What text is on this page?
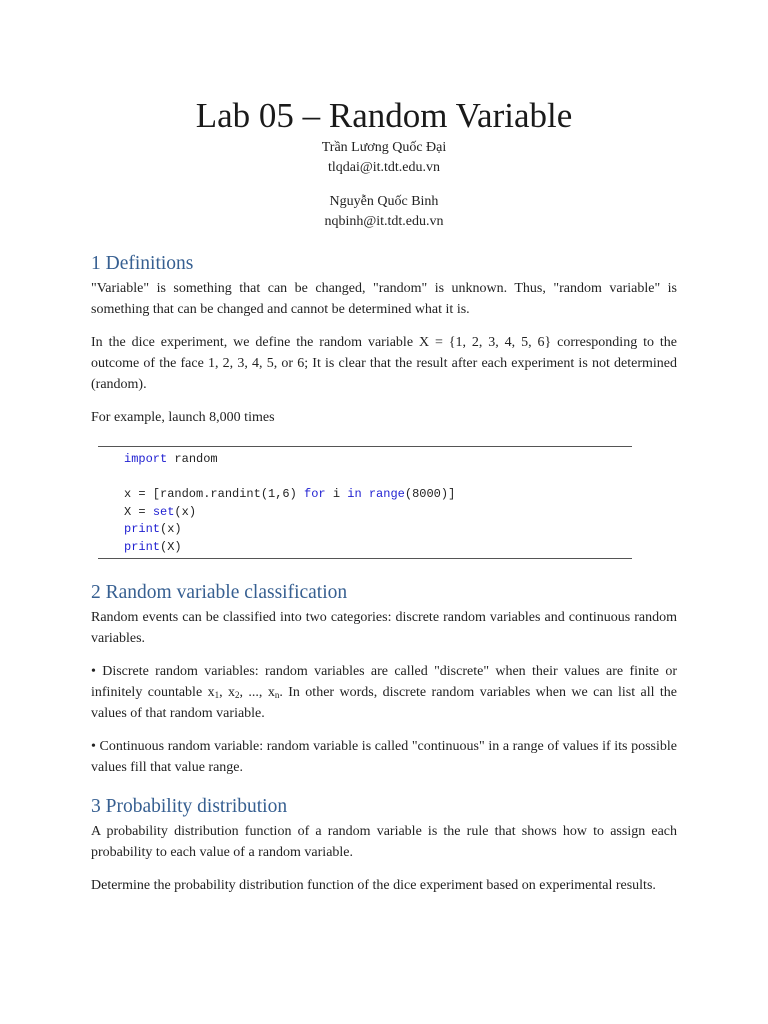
Lab 05 – Random Variable
Trần Lương Quốc Đại
tlqdai@it.tdt.edu.vn
Nguyễn Quốc Binh
nqbinh@it.tdt.edu.vn
1 Definitions

"Variable" is something that can be changed, "random" is unknown. Thus, "random variable" is something that can be changed and cannot be determined what it is.

In the dice experiment, we define the random variable X = {1, 2, 3, 4, 5, 6} corresponding to the outcome of the face 1, 2, 3, 4, 5, or 6; It is clear that the result after each experiment is not determined (random).

For example, launch 8,000 times

import random

x = [random.randint(1,6) for i in range(8000)]
X = set(x)
print(x)
print(X)
2 Random variable classification

Random events can be classified into two categories: discrete random variables and continuous random variables.

• Discrete random variables: random variables are called "discrete" when their values are finite or infinitely countable $x_1$, $x_2$, ..., $x_n$. In other words, discrete random variables when we can list all the values of that random variable.

• Continuous random variable: random variable is called "continuous" in a range of values if its possible values fill that value range.

3 Probability distribution

A probability distribution function of a random variable is the rule that shows how to assign each probability to each value of a random variable.

Determine the probability distribution function of the dice experiment based on experimental results.
